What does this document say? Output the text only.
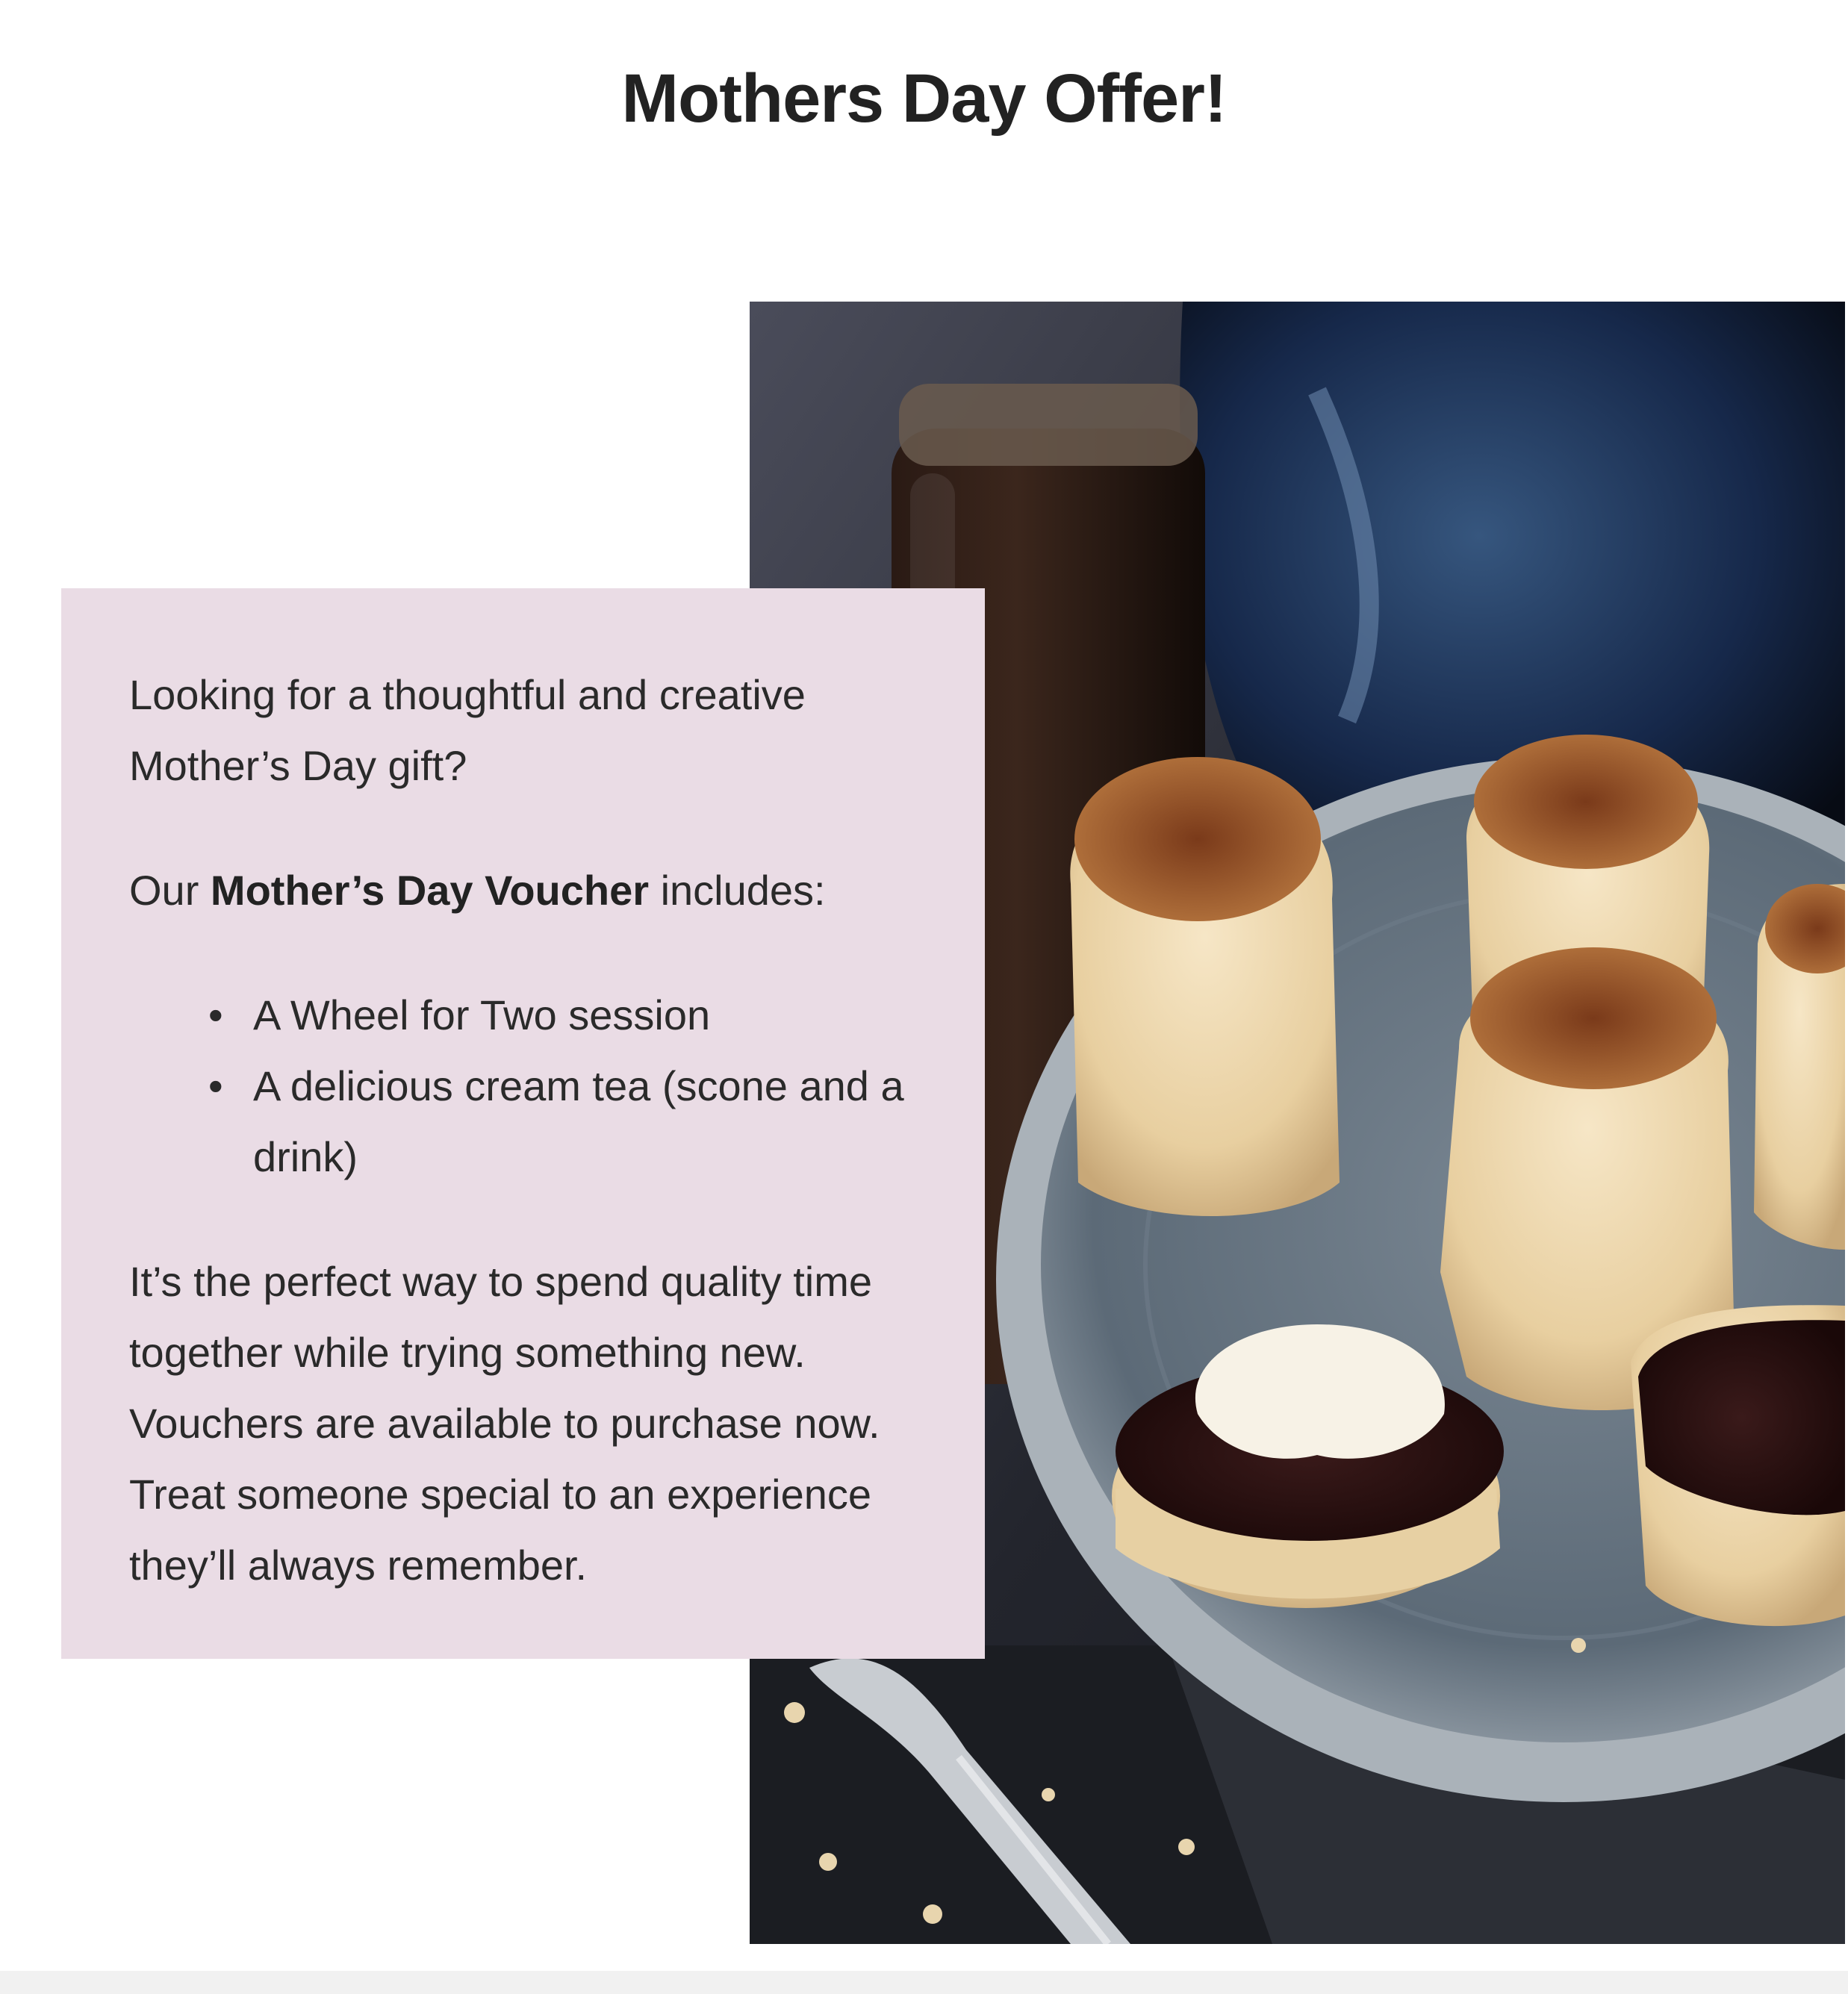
Mothers Day Offer!

Looking for a thoughtful and creative Mother’s Day gift?

Our Mother’s Day Voucher includes:

• A Wheel for Two session
• A delicious cream tea (scone and a drink)

It’s the perfect way to spend quality time together while trying something new. Vouchers are available to purchase now. Treat someone special to an experience they’ll always remember.
